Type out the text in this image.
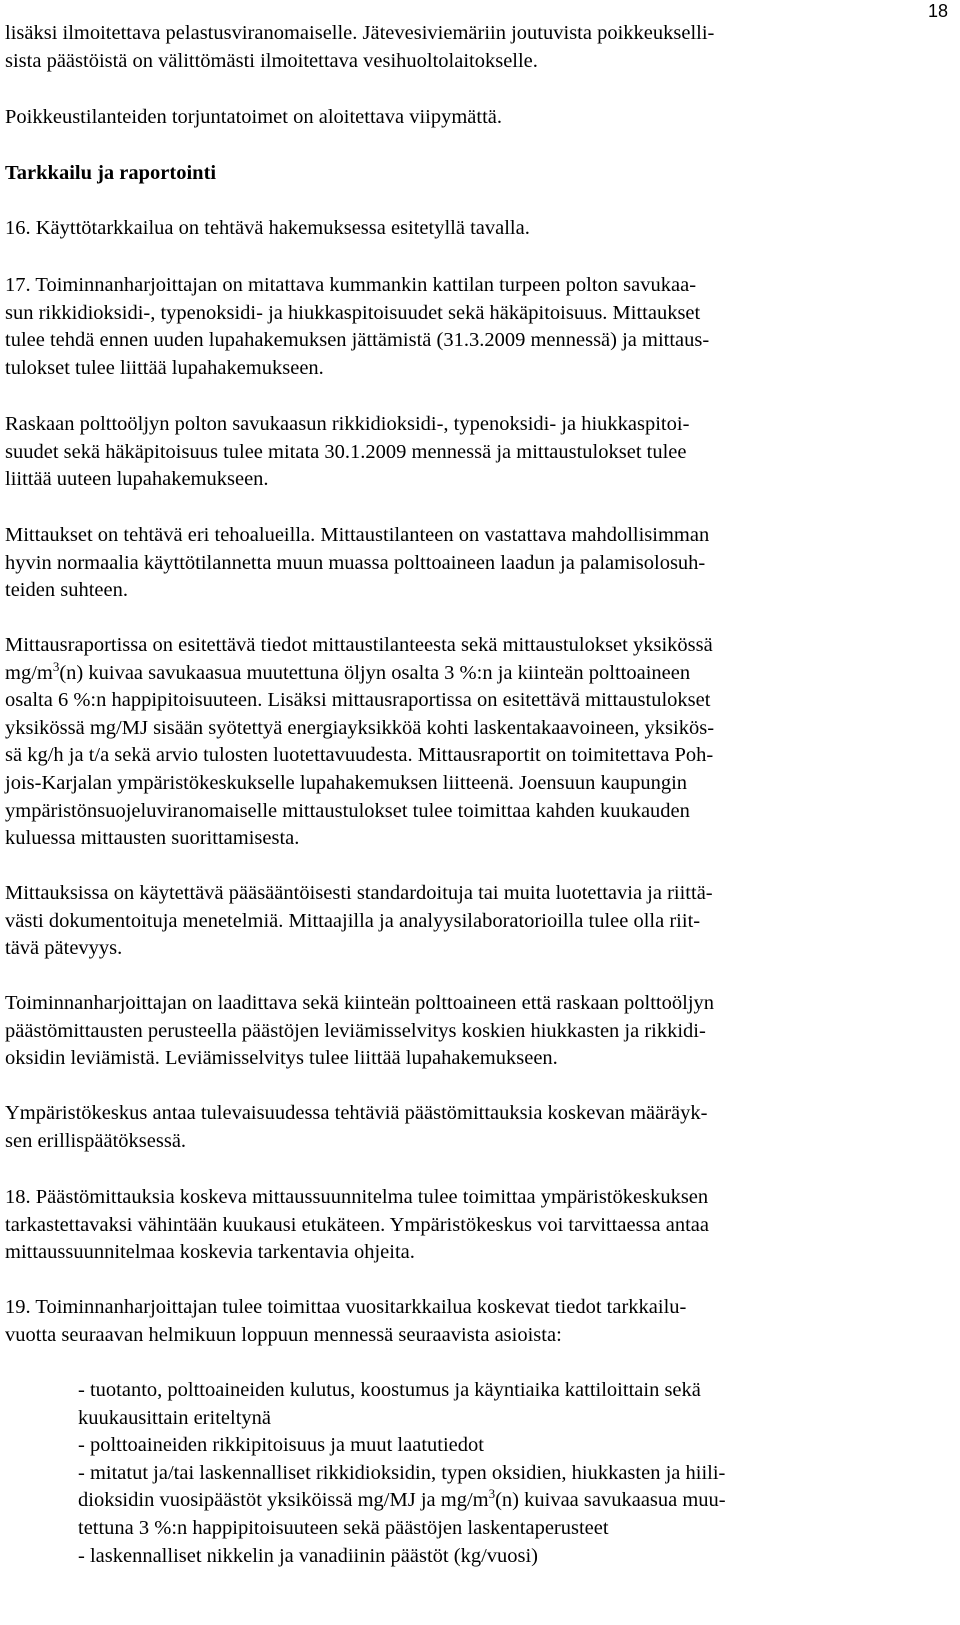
18

lisäksi ilmoitettava pelastusviranomaiselle. Jätevesiviemäriin joutuvista poikkeukselli-
sista päästöistä on välittömästi ilmoitettava vesihuoltolaitokselle.

Poikkeustilanteiden torjuntatoimet on aloitettava viipymättä.

Tarkkailu ja raportointi

16. Käyttötarkkailua on tehtävä hakemuksessa esitetyllä tavalla.

17. Toiminnanharjoittajan on mitattava kummankin kattilan turpeen polton savukaa-
sun rikkidioksidi-, typenoksidi- ja hiukkaspitoisuudet sekä häkäpitoisuus. Mittaukset
tulee tehdä ennen uuden lupahakemuksen jättämistä (31.3.2009 mennessä) ja mittaus-
tulokset tulee liittää lupahakemukseen.

Raskaan polttoöljyn polton savukaasun rikkidioksidi-, typenoksidi- ja hiukkaspitoi-
suudet sekä häkäpitoisuus tulee mitata 30.1.2009 mennessä ja mittaustulokset tulee
liittää uuteen lupahakemukseen.

Mittaukset on tehtävä eri tehoalueilla. Mittaustilanteen on vastattava mahdollisimman
hyvin normaalia käyttötilannetta muun muassa polttoaineen laadun ja palamisolosuh-
teiden suhteen.

Mittausraportissa on esitettävä tiedot mittaustilanteesta sekä mittaustulokset yksikössä
$mg/m^3(n)$ kuivaa savukaasua muutettuna öljyn osalta 3 %:n ja kiinteän polttoaineen
osalta 6 %:n happipitoisuuteen. Lisäksi mittausraportissa on esitettävä mittaustulokset
yksikössä mg/MJ sisään syötettyä energiayksikköä kohti laskentakaavoineen, yksikös-
sä kg/h ja t/a sekä arvio tulosten luotettavuudesta. Mittausraportit on toimitettava Poh-
jois-Karjalan ympäristökeskukselle lupahakemuksen liitteenä. Joensuun kaupungin
ympäristönsuojeluviranomaiselle mittaustulokset tulee toimittaa kahden kuukauden
kuluessa mittausten suorittamisesta.

Mittauksissa on käytettävä pääsääntöisesti standardoituja tai muita luotettavia ja riittä-
västi dokumentoituja menetelmiä. Mittaajilla ja analyysilaboratorioilla tulee olla riit-
tävä pätevyys.

Toiminnanharjoittajan on laadittava sekä kiinteän polttoaineen että raskaan polttoöljyn
päästömittausten perusteella päästöjen leviämisselvitys koskien hiukkasten ja rikkidi-
oksidin leviämistä. Leviämisselvitys tulee liittää lupahakemukseen.

Ympäristökeskus antaa tulevaisuudessa tehtäviä päästömittauksia koskevan määräyk-
sen erillispäätöksessä.

18. Päästömittauksia koskeva mittaussuunnitelma tulee toimittaa ympäristökeskuksen
tarkastettavaksi vähintään kuukausi etukäteen. Ympäristökeskus voi tarvittaessa antaa
mittaussuunnitelmaa koskevia tarkentavia ohjeita.

19. Toiminnanharjoittajan tulee toimittaa vuositarkkailua koskevat tiedot tarkkailu-
vuotta seuraavan helmikuun loppuun mennessä seuraavista asioista:

- tuotanto, polttoaineiden kulutus, koostumus ja käyntiaika kattiloittain sekä
kuukausittain eriteltynä
- polttoaineiden rikkipitoisuus ja muut laatutiedot
- mitatut ja/tai laskennalliset rikkidioksidin, typen oksidien, hiukkasten ja hiili-
dioksidin vuosipäästöt yksiköissä mg/MJ ja $mg/m^3(n)$ kuivaa savukaasua muu-
tettuna 3 %:n happipitoisuuteen sekä päästöjen laskentaperusteet
- laskennalliset nikkelin ja vanadiinin päästöt (kg/vuosi)
